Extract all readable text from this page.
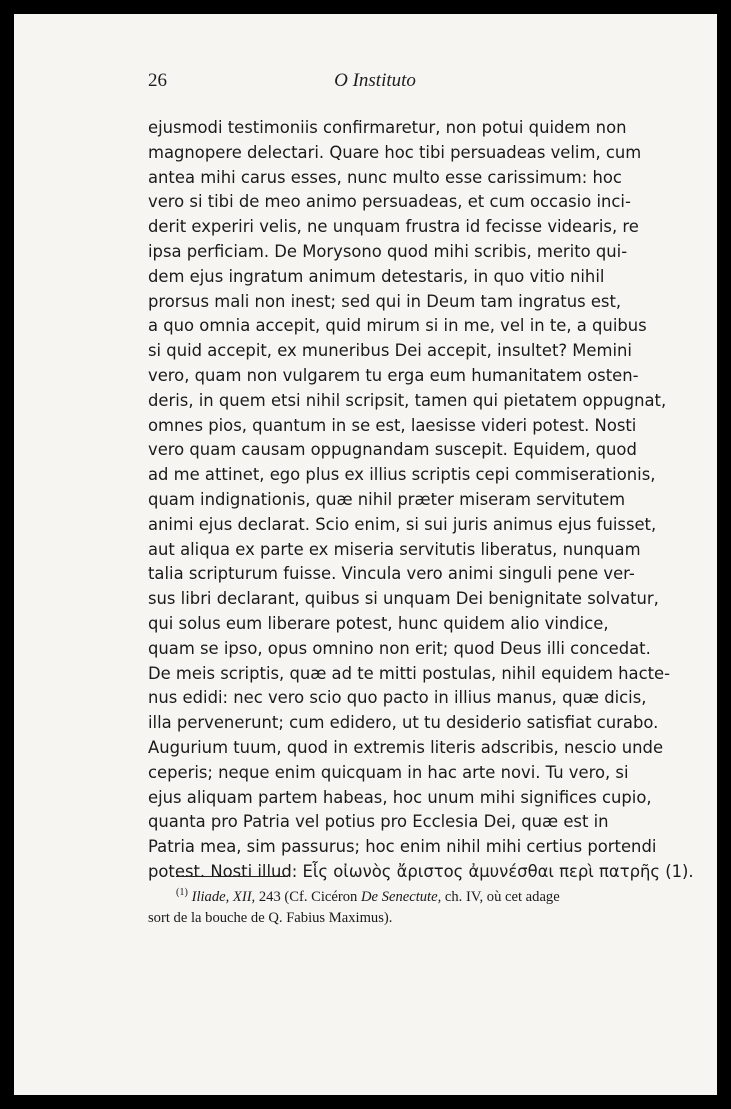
26	O Instituto
ejusmodi testimoniis confirmaretur, non potui quidem non
magnopere delectari. Quare hoc tibi persuadeas velim, cum
antea mihi carus esses, nunc multo esse carissimum: hoc
vero si tibi de meo animo persuadeas, et cum occasio inci-
derit experiri velis, ne unquam frustra id fecisse videaris, re
ipsa perficiam. De Morysono quod mihi scribis, merito qui-
dem ejus ingratum animum detestaris, in quo vitio nihil
prorsus mali non inest; sed qui in Deum tam ingratus est,
a quo omnia accepit, quid mirum si in me, vel in te, a quibus
si quid accepit, ex muneribus Dei accepit, insultet? Memini
vero, quam non vulgarem tu erga eum humanitatem osten-
deris, in quem etsi nihil scripsit, tamen qui pietatem oppugnat,
omnes pios, quantum in se est, laesisse videri potest. Nosti
vero quam causam oppugnandam suscepit. Equidem, quod
ad me attinet, ego plus ex illius scriptis cepi commiserationis,
quam indignationis, quæ nihil præter miseram servitutem
animi ejus declarat. Scio enim, si sui juris animus ejus fuisset,
aut aliqua ex parte ex miseria servitutis liberatus, nunquam
talia scripturum fuisse. Vincula vero animi singuli pene ver-
sus libri declarant, quibus si unquam Dei benignitate solvatur,
qui solus eum liberare potest, hunc quidem alio vindice,
quam se ipso, opus omnino non erit; quod Deus illi concedat.
De meis scriptis, quæ ad te mitti postulas, nihil equidem hacte-
nus edidi: nec vero scio quo pacto in illius manus, quæ dicis,
illa pervenerunt; cum edidero, ut tu desiderio satisfiat curabo.
Augurium tuum, quod in extremis literis adscribis, nescio unde
ceperis; neque enim quicquam in hac arte novi. Tu vero, si
ejus aliquam partem habeas, hoc unum mihi significes cupio,
quanta pro Patria vel potius pro Ecclesia Dei, quæ est in
Patria mea, sim passurus; hoc enim nihil mihi certius portendi
potest. Nosti illud: Εἷς οἰωνὸς ἄριστος ἀμυνέσθαι περὶ πατρῆς (1).
$^{(1)}$ Iliade, XII, 243 (Cf. Cicéron De Senectute, ch. IV, où cet adage
sort de la bouche de Q. Fabius Maximus).
